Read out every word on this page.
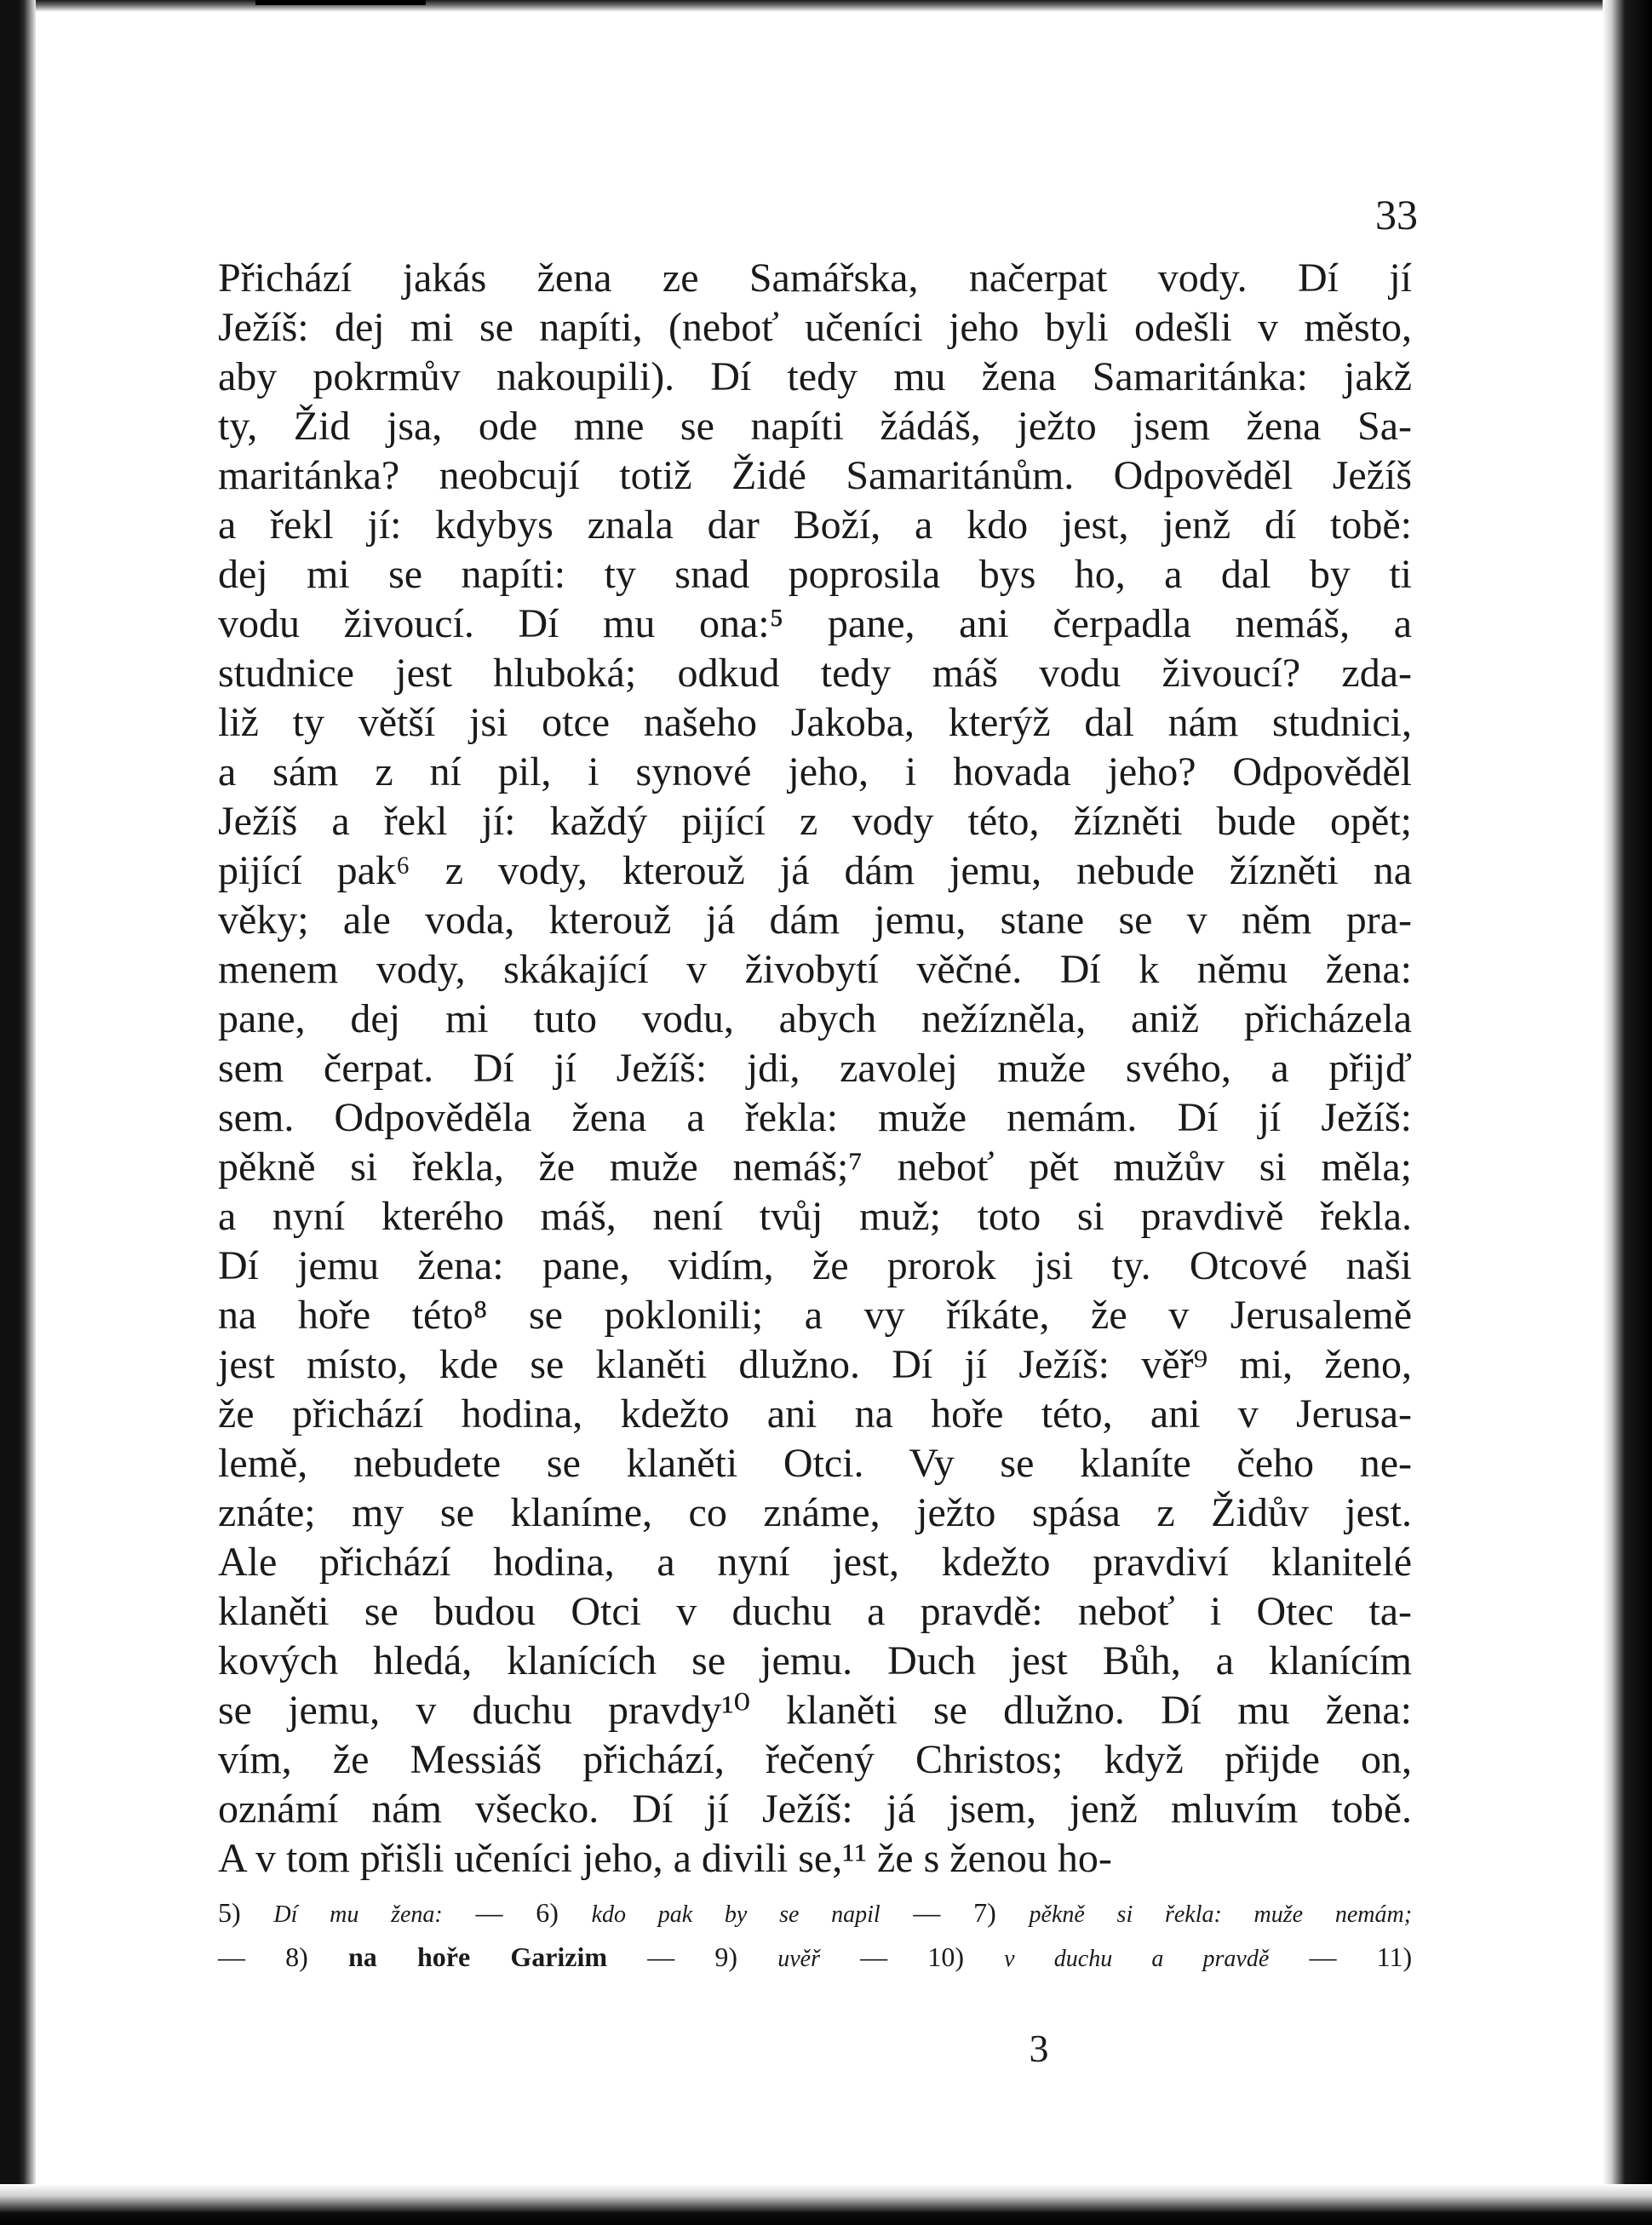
33
Přichází jakás žena ze Samářska, načerpat vody. Dí jí
Ježíš: dej mi se napíti, (neboť učeníci jeho byli odešli v město,
aby pokrmův nakoupili). Dí tedy mu žena Samaritánka: jakž
ty, Žid jsa, ode mne se napíti žádáš, ježto jsem žena Sa-
maritánka? neobcují totiž Židé Samaritánům. Odpověděl Ježíš
a řekl jí: kdybys znala dar Boží, a kdo jest, jenž dí tobě:
dej mi se napíti: ty snad poprosila bys ho, a dal by ti
vodu živoucí. Dí mu ona:⁵ pane, ani čerpadla nemáš, a
studnice jest hluboká; odkud tedy máš vodu živoucí? zda-
liž ty větší jsi otce našeho Jakoba, kterýž dal nám studnici,
a sám z ní pil, i synové jeho, i hovada jeho? Odpověděl
Ježíš a řekl jí: každý pijící z vody této, žízněti bude opět;
pijící pak⁶ z vody, kterouž já dám jemu, nebude žízněti na
věky; ale voda, kterouž já dám jemu, stane se v něm pra-
menem vody, skákající v živobytí věčné. Dí k němu žena:
pane, dej mi tuto vodu, abych nežízněla, aniž přicházela
sem čerpat. Dí jí Ježíš: jdi, zavolej muže svého, a přijď
sem. Odpověděla žena a řekla: muže nemám. Dí jí Ježíš:
pěkně si řekla, že muže nemáš;⁷ neboť pět mužův si měla;
a nyní kterého máš, není tvůj muž; toto si pravdivě řekla.
Dí jemu žena: pane, vidím, že prorok jsi ty. Otcové naši
na hoře této⁸ se poklonili; a vy říkáte, že v Jerusalemě
jest místo, kde se klaněti dlužno. Dí jí Ježíš: věř⁹ mi, ženo,
že přichází hodina, kdežto ani na hoře této, ani v Jerusa-
lemě, nebudete se klaněti Otci. Vy se klaníte čeho ne-
znáte; my se klaníme, co známe, ježto spása z Židův jest.
Ale přichází hodina, a nyní jest, kdežto pravdiví klanitelé
klaněti se budou Otci v duchu a pravdě: neboť i Otec ta-
kových hledá, klanících se jemu. Duch jest Bůh, a klanícím
se jemu, v duchu pravdy¹⁰ klaněti se dlužno. Dí mu žena:
vím, že Messiáš přichází, řečený Christos; když přijde on,
oznámí nám všecko. Dí jí Ježíš: já jsem, jenž mluvím tobě.
A v tom přišli učeníci jeho, a divili se,¹¹ že s ženou ho-
5) Dí mu žena: — 6) kdo pak by se napil — 7) pěkně si řekla: muže nemám;
— 8) na hoře Garizim — 9) uvěř — 10) v duchu a pravdě — 11)
3
